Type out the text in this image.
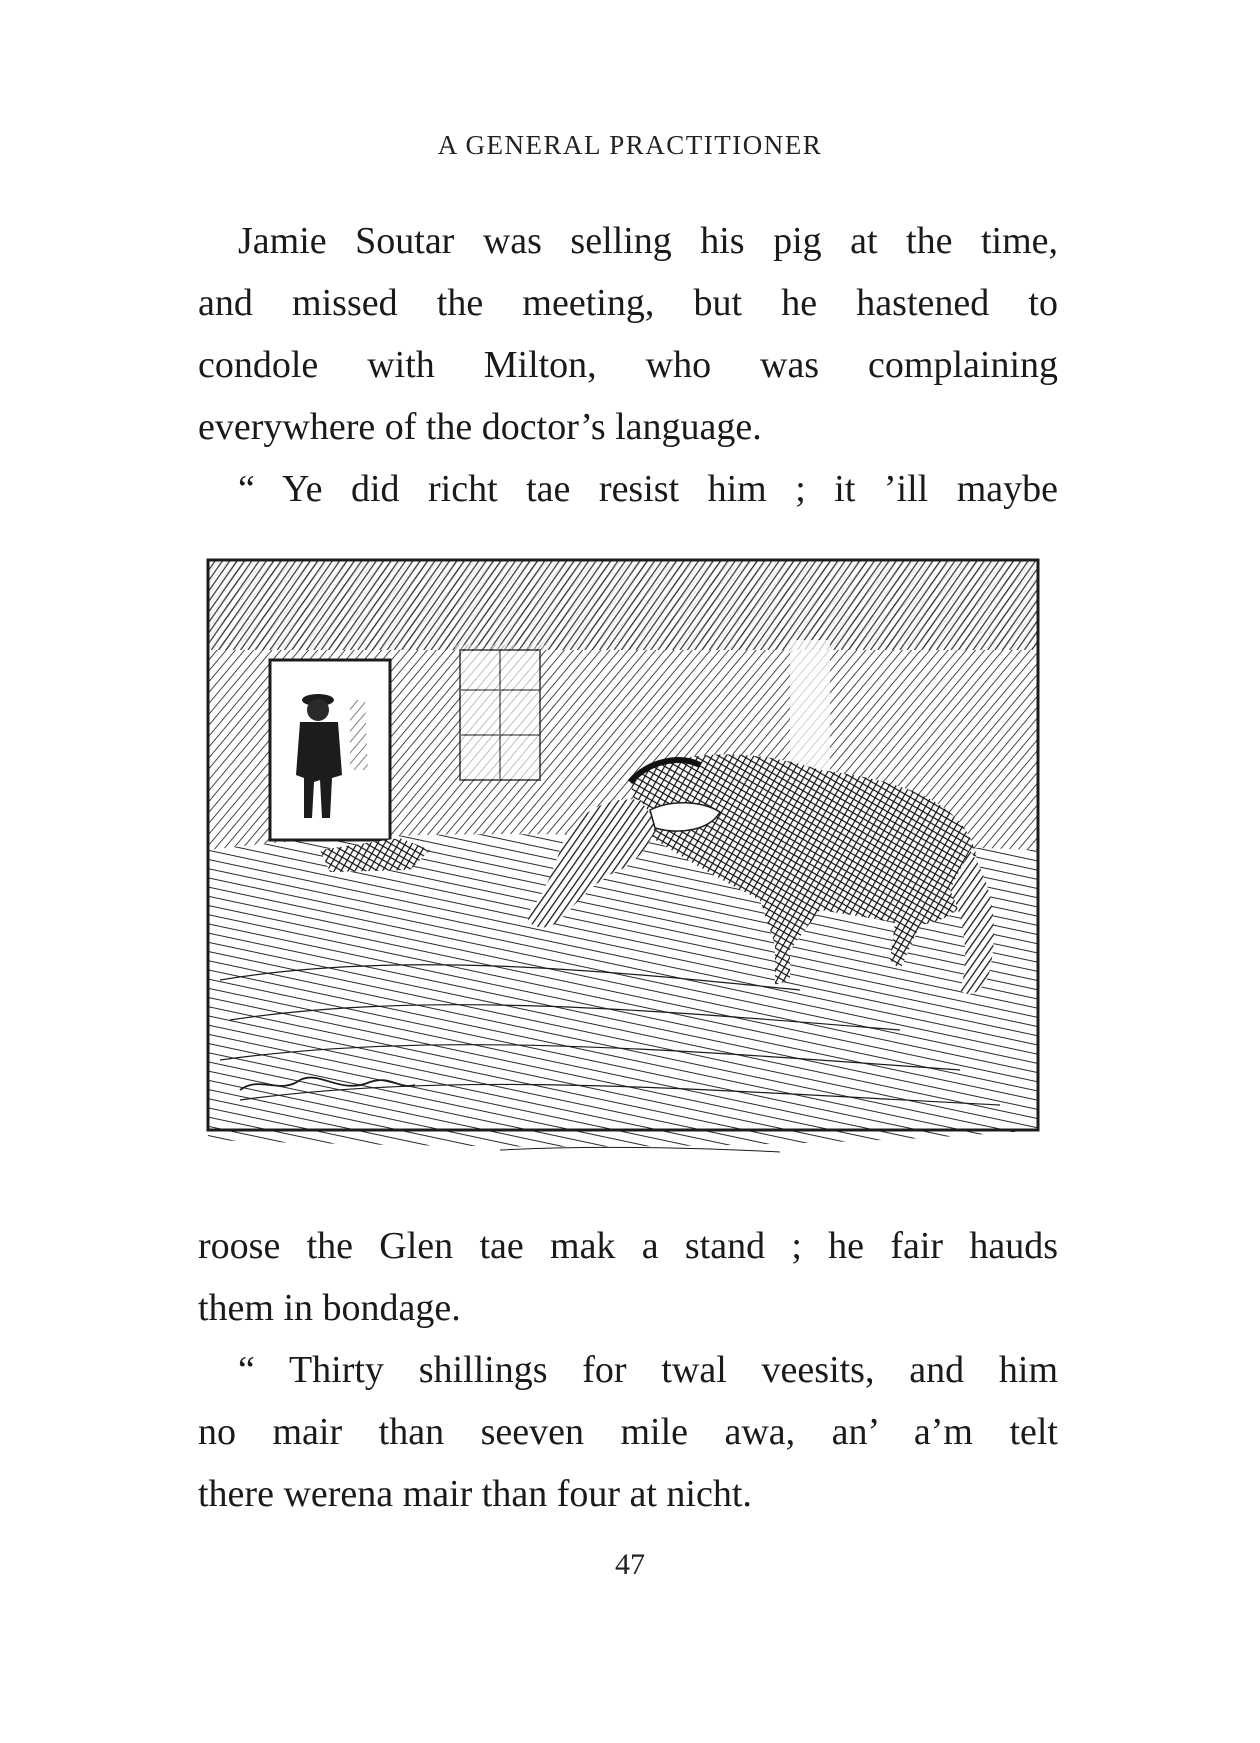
A GENERAL PRACTITIONER
Jamie Soutar was selling his pig at the time,
and missed the meeting, but he hastened to
condole with Milton, who was complaining
everywhere of the doctor’s language.
“ Ye did richt tae resist him ; it ’ill maybe
roose the Glen tae mak a stand ; he fair hauds
them in bondage.
“ Thirty shillings for twal veesits, and him
no mair than seeven mile awa, an’ a’m telt
there werena mair than four at nicht.
47
